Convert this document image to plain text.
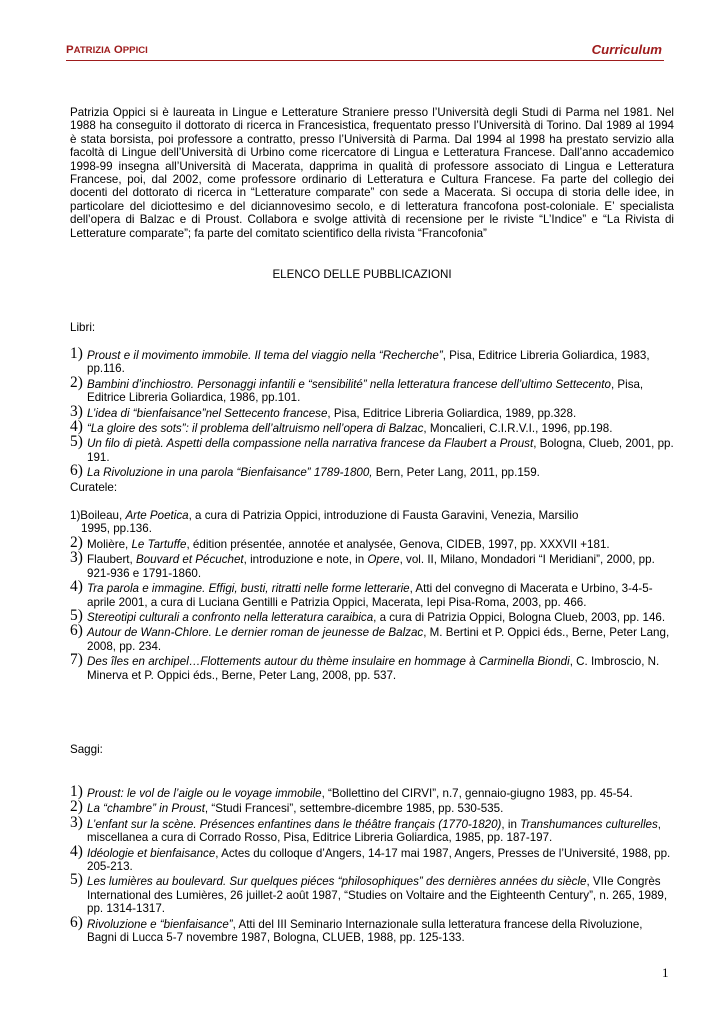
PATRIZIA OPPICI	Curriculum
Patrizia Oppici si è laureata in Lingue e Letterature Straniere presso l’Università degli Studi di Parma nel 1981. Nel 1988 ha conseguito il dottorato di ricerca in Francesistica, frequentato presso l’Università di Torino. Dal 1989 al 1994 è stata borsista, poi professore a contratto, presso l’Università di Parma. Dal 1994 al 1998 ha prestato servizio alla facoltà di Lingue dell’Università di Urbino come ricercatore di Lingua e Letteratura Francese. Dall’anno accademico 1998-99 insegna all’Università di Macerata, dapprima in qualità di professore associato di Lingua e Letteratura Francese, poi, dal 2002, come professore ordinario di Letteratura e Cultura Francese. Fa parte del collegio dei docenti del dottorato di ricerca in “Letterature comparate” con sede a Macerata. Si occupa di storia delle idee, in particolare del diciottesimo e del diciannovesimo secolo, e di letteratura francofona post-coloniale. E’ specialista dell’opera di Balzac e di Proust. Collabora e svolge attività di recensione per le riviste “L’Indice” e “La Rivista di Letterature comparate”; fa parte del comitato scientifico della rivista “Francofonia”
ELENCO DELLE PUBBLICAZIONI
Libri:
1) Proust e il movimento immobile. Il tema del viaggio nella “Recherche”, Pisa, Editrice Libreria Goliardica, 1983, pp.116.
2) Bambini d’inchiostro. Personaggi infantili e “sensibilité” nella letteratura francese dell’ultimo Settecento, Pisa, Editrice Libreria Goliardica, 1986, pp.101.
3) L’idea di “bienfaisance”nel Settecento francese, Pisa, Editrice Libreria Goliardica, 1989, pp.328.
4) “La gloire des sots”: il problema dell’altruismo nell’opera di Balzac, Moncalieri, C.I.R.V.I., 1996, pp.198.
5) Un filo di pietà. Aspetti della compassione nella narrativa francese da Flaubert a Proust, Bologna, Clueb, 2001, pp. 191.
6) La Rivoluzione in una parola “Bienfaisance” 1789-1800, Bern, Peter Lang, 2011, pp.159.
Curatele:
1)Boileau, Arte Poetica, a cura di Patrizia Oppici, introduzione di Fausta Garavini, Venezia, Marsilio
1995, pp.136.
2) Molière, Le Tartuffe, édition présentée, annotée et analysée, Genova, CIDEB, 1997, pp. XXXVII +181.
3) Flaubert, Bouvard et Pécuchet, introduzione e note, in Opere, vol. II, Milano, Mondadori “I Meridiani”, 2000, pp. 921-936 e 1791-1860.
4) Tra parola e immagine. Effigi, busti, ritratti nelle forme letterarie, Atti del convegno di Macerata e Urbino, 3-4-5- aprile 2001, a cura di Luciana Gentilli e Patrizia Oppici, Macerata, Iepi Pisa-Roma, 2003, pp. 466.
5) Stereotipi culturali a confronto nella letteratura caraibica, a cura di Patrizia Oppici, Bologna Clueb, 2003, pp. 146.
6) Autour de Wann-Chlore. Le dernier roman de jeunesse de Balzac, M. Bertini et P. Oppici éds., Berne, Peter Lang, 2008, pp. 234.
7) Des îles en archipel…Flottements autour du thème insulaire en hommage à Carminella Biondi, C. Imbroscio, N. Minerva et P. Oppici éds., Berne, Peter Lang, 2008, pp. 537.
Saggi:
1) Proust: le vol de l’aigle ou le voyage immobile, “Bollettino del CIRVI”, n.7, gennaio-giugno 1983, pp. 45-54.
2) La “chambre” in Proust, “Studi Francesi”, settembre-dicembre 1985, pp. 530-535.
3) L’enfant sur la scène. Présences enfantines dans le théâtre français (1770-1820), in Transhumances culturelles, miscellanea a cura di Corrado Rosso, Pisa, Editrice Libreria Goliardica, 1985, pp. 187-197.
4) Idéologie et bienfaisance, Actes du colloque d’Angers, 14-17 mai 1987, Angers, Presses de l’Université, 1988, pp. 205-213.
5) Les lumières au boulevard. Sur quelques piéces “philosophiques” des dernières années du siècle, VIIe Congrès International des Lumières, 26 juillet-2 août 1987, “Studies on Voltaire and the Eighteenth Century”, n. 265, 1989, pp. 1314-1317.
6) Rivoluzione e “bienfaisance”, Atti del III Seminario Internazionale sulla letteratura francese della Rivoluzione, Bagni di Lucca 5-7 novembre 1987, Bologna, CLUEB, 1988, pp. 125-133.
1
